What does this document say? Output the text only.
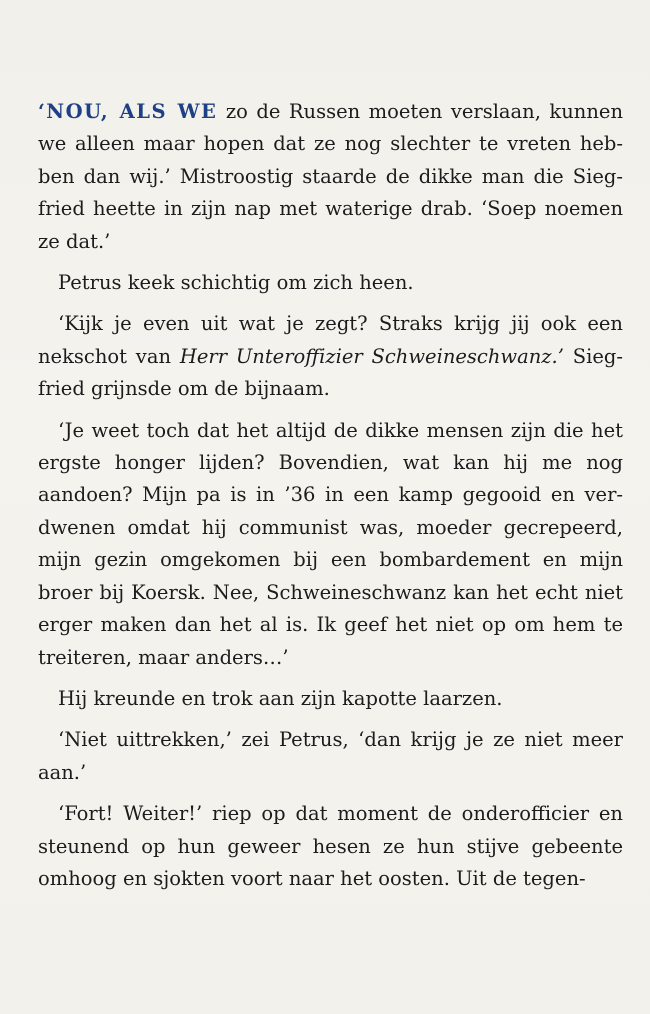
‘NOU, ALS WE zo de Russen moeten verslaan, kunnen we alleen maar hopen dat ze nog slechter te vreten hebben dan wij.’ Mistroostig staarde de dikke man die Siegfried heette in zijn nap met waterige drab. ‘Soep noemen ze dat.’

Petrus keek schichtig om zich heen.

‘Kijk je even uit wat je zegt? Straks krijg jij ook een nekschot van Herr Unteroffizier Schweineschwanz.’ Siegfried grijnsde om de bijnaam.

‘Je weet toch dat het altijd de dikke mensen zijn die het ergste honger lijden? Bovendien, wat kan hij me nog aandoen? Mijn pa is in ’36 in een kamp gegooid en verdwenen omdat hij communist was, moeder gecrepeerd, mijn gezin omgekomen bij een bombardement en mijn broer bij Koersk. Nee, Schweineschwanz kan het echt niet erger maken dan het al is. Ik geef het niet op om hem te treiteren, maar anders…’

Hij kreunde en trok aan zijn kapotte laarzen.

‘Niet uittrekken,’ zei Petrus, ‘dan krijg je ze niet meer aan.’

‘Fort! Weiter!’ riep op dat moment de onderofficier en steunend op hun geweer hesen ze hun stijve gebeente omhoog en sjokten voort naar het oosten. Uit de tegen-
